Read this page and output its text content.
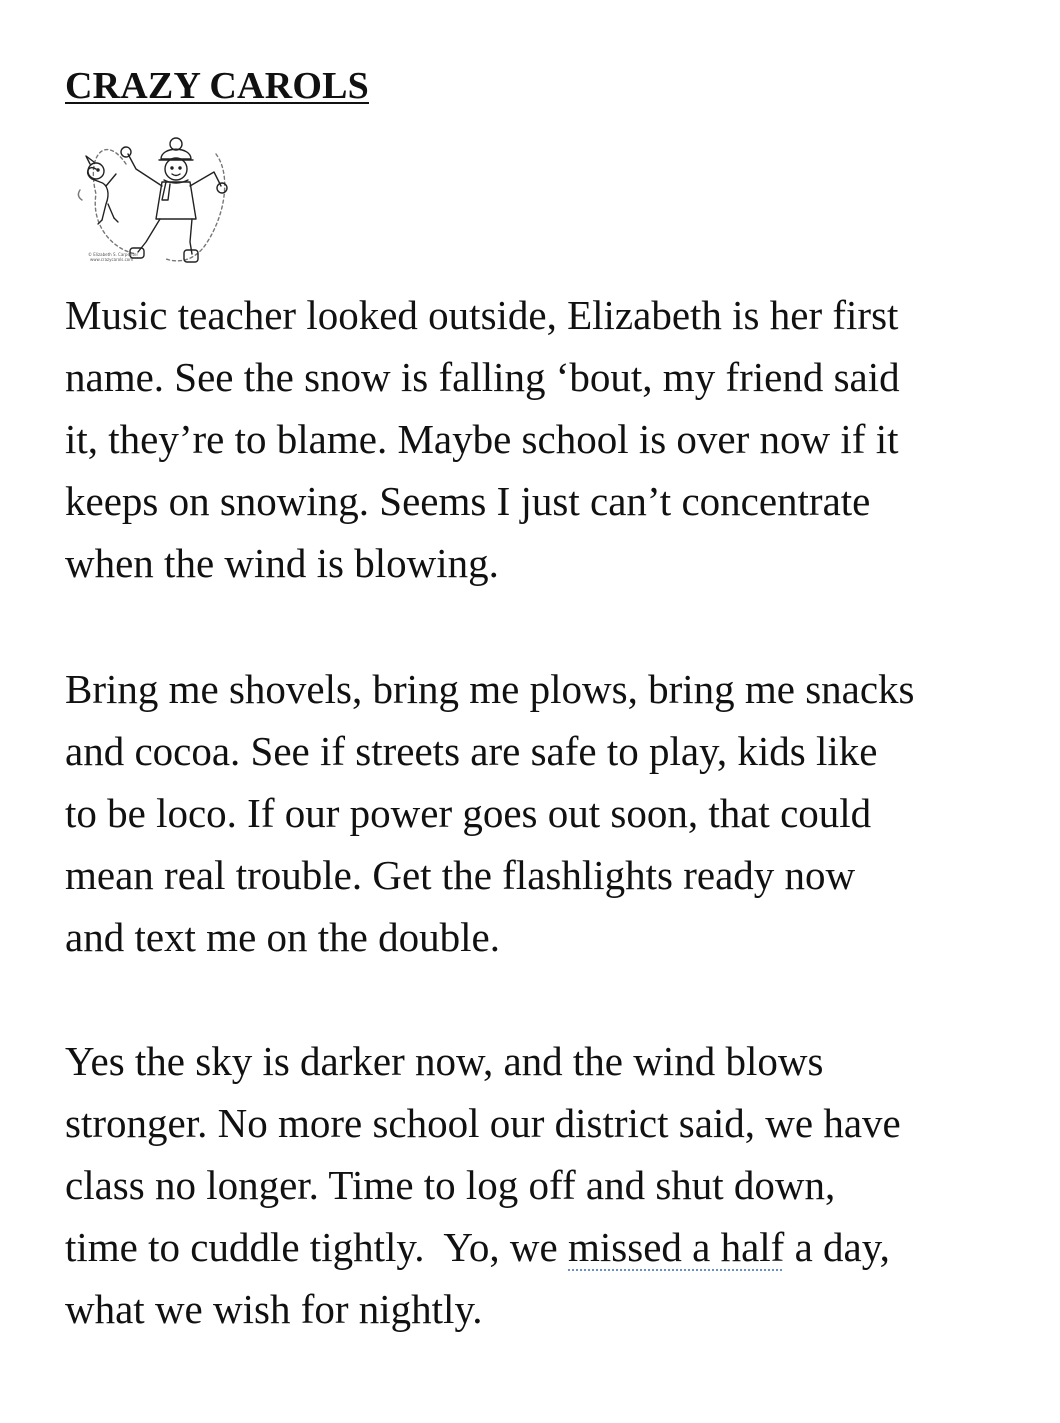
CRAZY CAROLS
© Elizabeth S. Carpenter
www.crazycarols.com

Music teacher looked outside, Elizabeth is her first
name. See the snow is falling ‘bout, my friend said
it, they’re to blame. Maybe school is over now if it
keeps on snowing. Seems I just can’t concentrate
when the wind is blowing.

Bring me shovels, bring me plows, bring me snacks
and cocoa. See if streets are safe to play, kids like
to be loco. If our power goes out soon, that could
mean real trouble. Get the flashlights ready now
and text me on the double.

Yes the sky is darker now, and the wind blows
stronger. No more school our district said, we have
class no longer. Time to log off and shut down,
time to cuddle tightly.  Yo, we missed a half a day,
what we wish for nightly.
